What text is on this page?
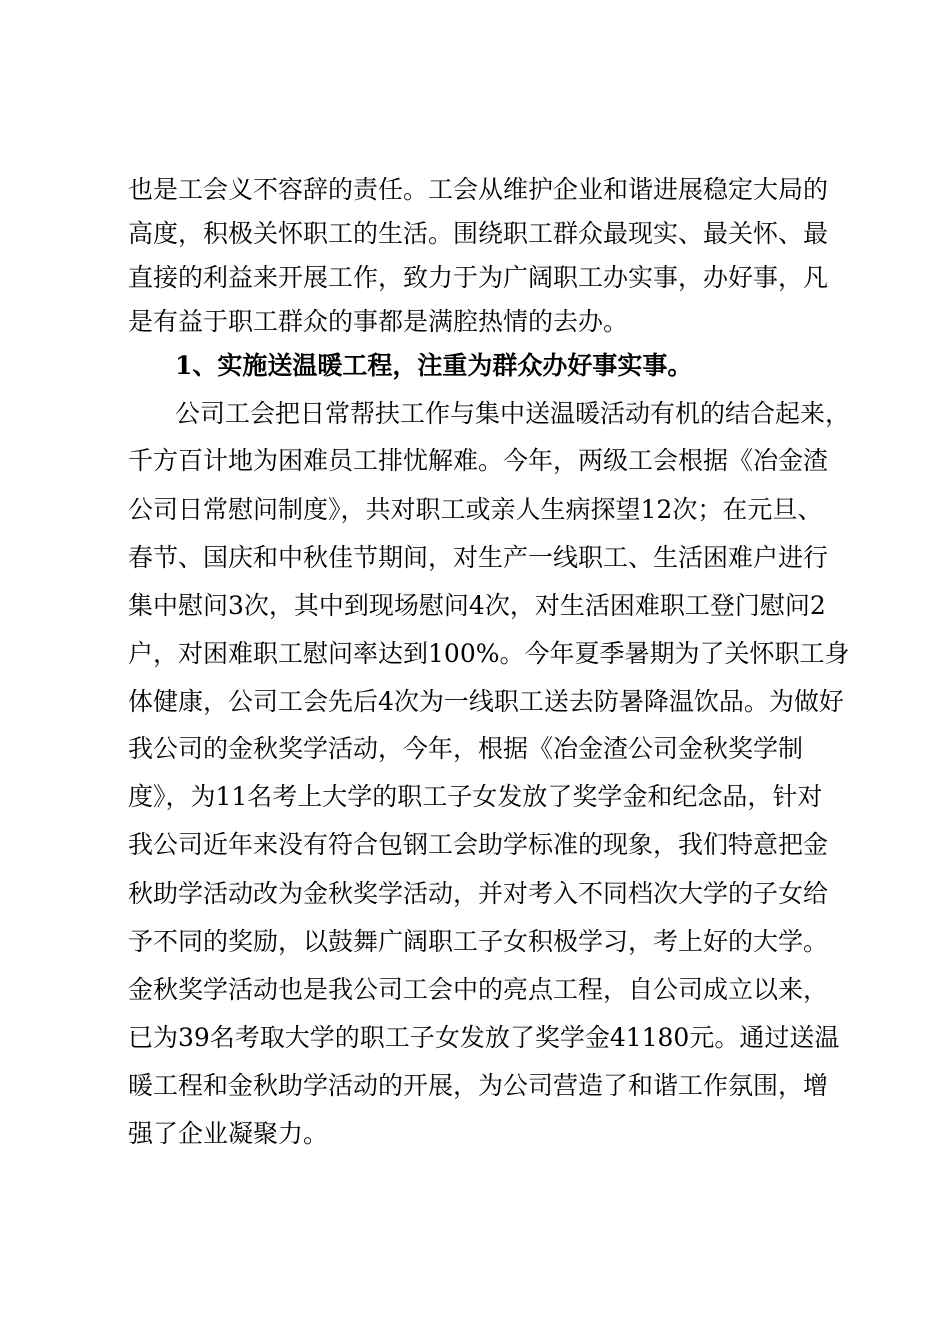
也是工会义不容辞的责任。工会从维护企业和谐进展稳定大局的
高度，积极关怀职工的生活。围绕职工群众最现实、最关怀、最
直接的利益来开展工作，致力于为广阔职工办实事，办好事，凡
是有益于职工群众的事都是满腔热情的去办。
1、实施送温暖工程，注重为群众办好事实事。
公司工会把日常帮扶工作与集中送温暖活动有机的结合起来，
千方百计地为困难员工排忧解难。今年，两级工会根据《冶金渣
公司日常慰问制度》，共对职工或亲人生病探望12次；在元旦、
春节、国庆和中秋佳节期间，对生产一线职工、生活困难户进行
集中慰问3次，其中到现场慰问4次，对生活困难职工登门慰问2
户，对困难职工慰问率达到100%。今年夏季暑期为了关怀职工身
体健康，公司工会先后4次为一线职工送去防暑降温饮品。为做好
我公司的金秋奖学活动，今年，根据《冶金渣公司金秋奖学制
度》，为11名考上大学的职工子女发放了奖学金和纪念品，针对
我公司近年来没有符合包钢工会助学标准的现象，我们特意把金
秋助学活动改为金秋奖学活动，并对考入不同档次大学的子女给
予不同的奖励，以鼓舞广阔职工子女积极学习，考上好的大学。
金秋奖学活动也是我公司工会中的亮点工程，自公司成立以来，
已为39名考取大学的职工子女发放了奖学金41180元。通过送温
暖工程和金秋助学活动的开展，为公司营造了和谐工作氛围，增
强了企业凝聚力。
